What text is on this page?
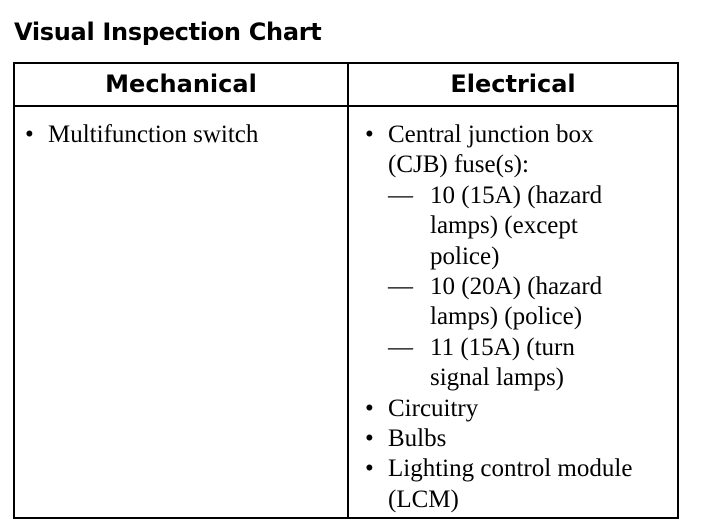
Visual Inspection Chart
Mechanical	Electrical
• Multifunction switch	• Central junction box
(CJB) fuse(s):
— 10 (15A) (hazard
lamps) (except
police)
— 10 (20A) (hazard
lamps) (police)
— 11 (15A) (turn
signal lamps)
• Circuitry
• Bulbs
• Lighting control module
(LCM)
